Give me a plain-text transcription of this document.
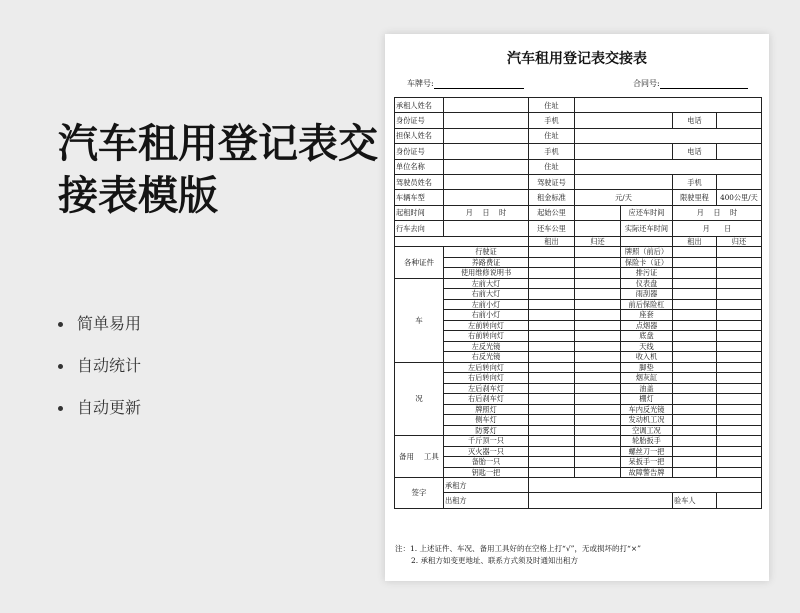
汽车租用登记表交接表模版
简单易用
自动统计
自动更新
汽车租用登记表交接表
车牌号:	合同号:
承租人姓名		住址				
身份证号		手机			电话	
担保人姓名		住址				
身份证号		手机			电话	
单位名称		住址				
驾驶员姓名		驾驶证号			手机	
车辆车型		租金标准	元/天		限驶里程	400公里/天
起租时间	月　 日　 时	起始公里		应还车时间	月　 日　 时	
行车去向		还车公里		实际还车时间	月　　日	
		租出	归还		租出	归还
各种证件	行驶证			牌照（前后）		
	养路费证			保险卡（证）		
	使用维修说明书			排污证		
车	左前大灯			仪表盘		
	右前大灯			雨刮器		
	左前小灯			前后保险杠		
	右前小灯			座套		
	左前转向灯			点烟器		
	右前转向灯			底盘		
	左反光镜			天线		
	右反光镜			收入机		
况	左后转向灯			脚垫		
	右后转向灯			烟灰缸		
	左后刹车灯			油盖		
	右后刹车灯			棚灯		
	牌照灯			车内反光镜		
	侧车灯			发动机工况		
	防雾灯			空调工况		
备用　 工具	千斤顶一只			轮胎扳手		
	灭火器一只			螺丝刀一把		
	备胎一只			呆扳手一把		
	钥匙一把			故障警告牌		
签字	承租方					
	出租方				验车人	
注：1. 上述证件、车况、备用工具好的在空格上打“√”，无或损坏的打“×”
2. 承租方如变更地址、联系方式须及时通知出租方
